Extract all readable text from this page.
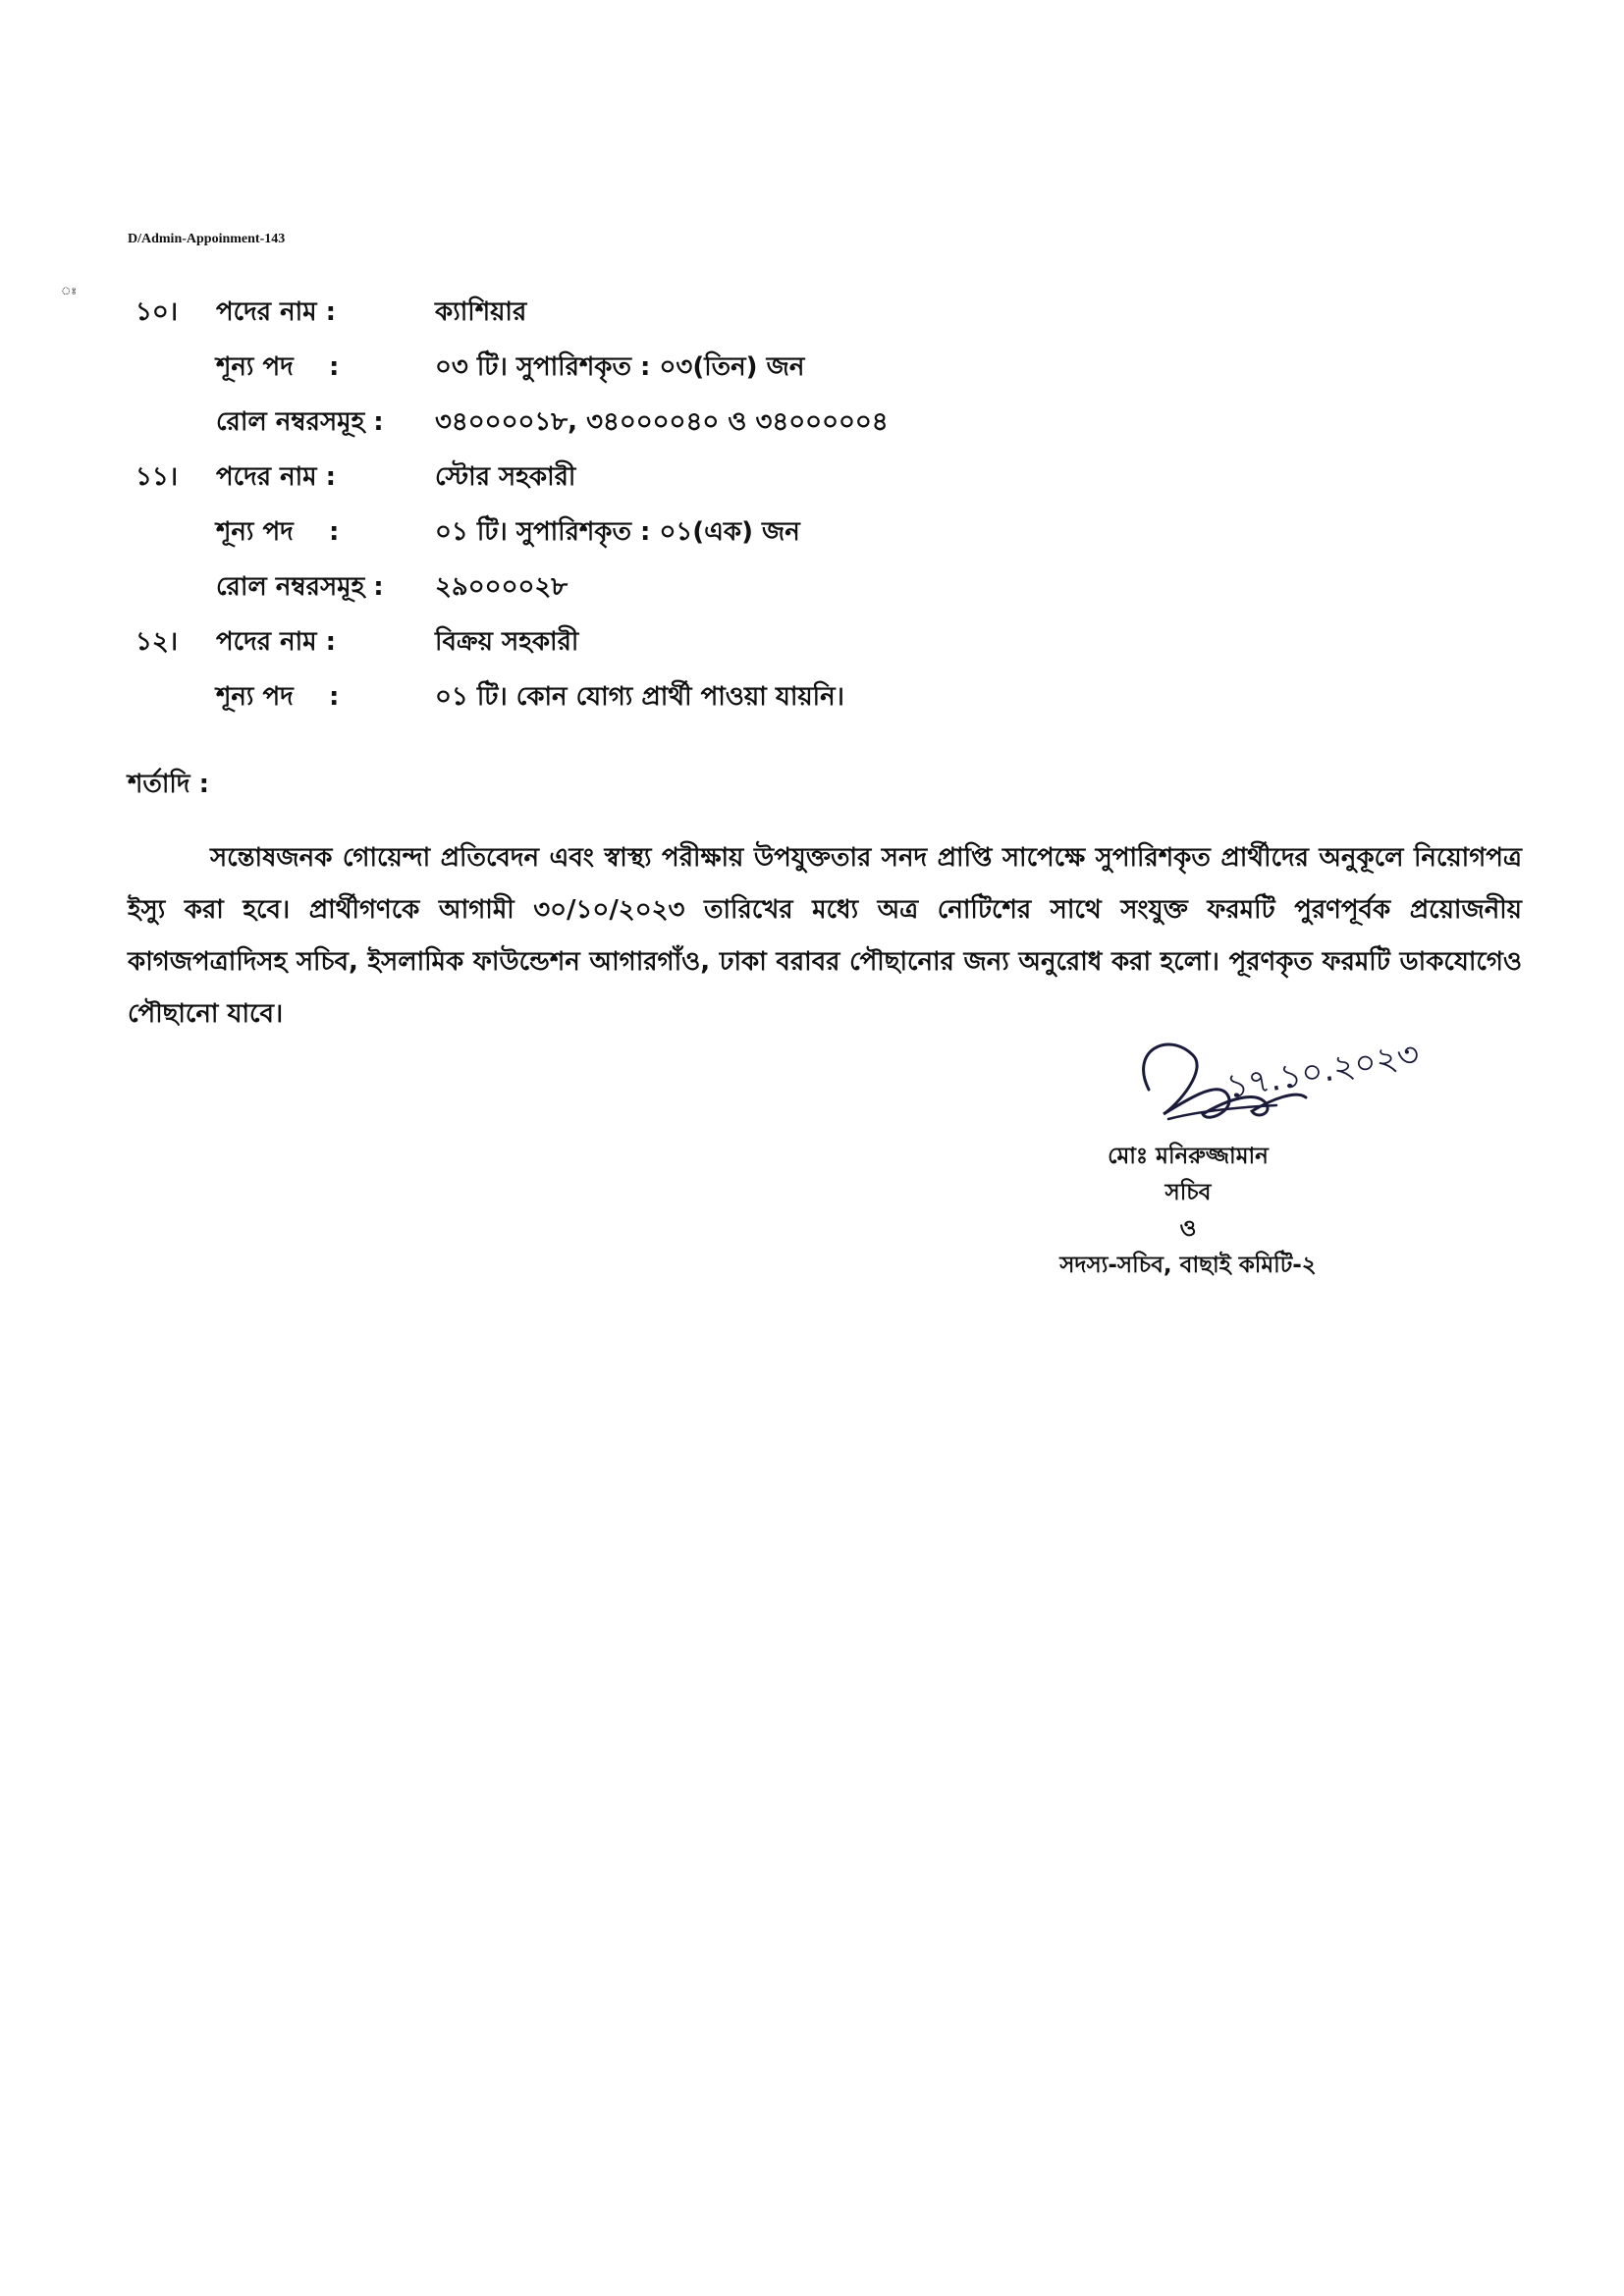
D/Admin-Appoinment-143
ঃ
১০।	পদের নাম :	ক্যাশিয়ার
শূন্য পদ    :	০৩ টি। সুপারিশকৃত : ০৩(তিন) জন
রোল নম্বরসমূহ : ৩৪০০০০১৮, ৩৪০০০০৪০ ও ৩৪০০০০০৪
১১।	পদের নাম :	স্টোর সহকারী
শূন্য পদ    :	০১ টি। সুপারিশকৃত : ০১(এক) জন
রোল নম্বরসমূহ : ২৯০০০০২৮
১২।	পদের নাম :	বিক্রয় সহকারী
শূন্য পদ    :	০১ টি। কোন যোগ্য প্রার্থী পাওয়া যায়নি।
শর্তাদি :
সন্তোষজনক গোয়েন্দা প্রতিবেদন এবং স্বাস্থ্য পরীক্ষায় উপযুক্ততার সনদ প্রাপ্তি সাপেক্ষে সুপারিশকৃত প্রার্থীদের অনুকূলে নিয়োগপত্র ইস্যু করা হবে। প্রার্থীগণকে আগামী ৩০/১০/২০২৩ তারিখের মধ্যে অত্র নোটিশের সাথে সংযুক্ত ফরমটি পুরণপূর্বক প্রয়োজনীয় কাগজপত্রাদিসহ সচিব, ইসলামিক ফাউন্ডেশন আগারগাঁও, ঢাকা বরাবর পৌছানোর জন্য অনুরোধ করা হলো। পূরণকৃত ফরমটি ডাকযোগেও পৌছানো যাবে।
১৭.১০.২০২৩
মোঃ মনিরুজ্জামান
সচিব
ও
সদস্য-সচিব, বাছাই কমিটি-২
